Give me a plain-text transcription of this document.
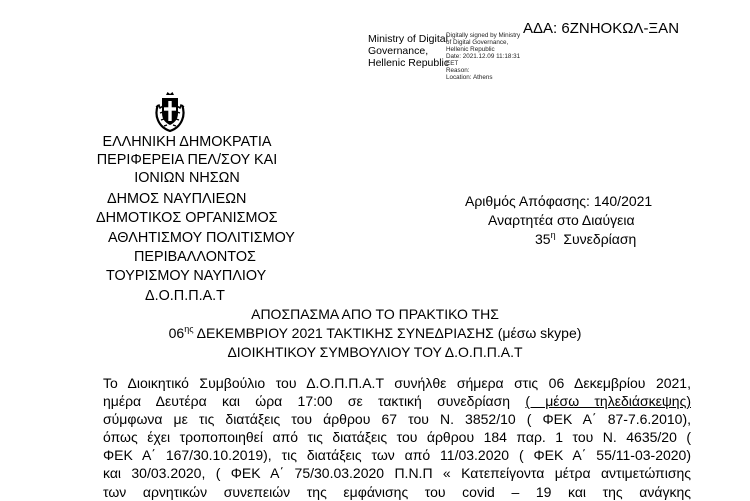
ΑΔΑ: 6ΖΝΗΟΚΩΛ-ΞΑΝ
Ministry of Digital
Governance,
Hellenic Republic
Digitally signed by Ministry
of Digital Governance,
Hellenic Republic
Date: 2021.12.09 11:18:31
EET
Reason:
Location: Athens
ΕΛΛΗΝΙΚΗ ΔΗΜΟΚΡΑΤΙΑ
ΠΕΡΙΦΕΡΕΙΑ ΠΕΛ/ΣΟΥ ΚΑΙ
ΙΟΝΙΩΝ ΝΗΣΩΝ
ΔΗΜΟΣ ΝΑΥΠΛΙΕΩΝ
ΔΗΜΟΤΙΚΟΣ ΟΡΓΑΝΙΣΜΟΣ
ΑΘΛΗΤΙΣΜΟΥ ΠΟΛΙΤΙΣΜΟΥ
ΠΕΡΙΒΑΛΛΟΝΤΟΣ
ΤΟΥΡΙΣΜΟΥ ΝΑΥΠΛΙΟΥ
Δ.Ο.Π.Π.Α.Τ
Αριθμός Απόφασης: 140/2021
Αναρτητέα στο Διαύγεια
$35^\eta$ Συνεδρίαση
ΑΠΟΣΠΑΣΜΑ ΑΠΟ ΤΟ ΠΡΑΚΤΙΚΟ ΤΗΣ
$06^{\eta\varsigma}$ ΔΕΚΕΜΒΡΙΟΥ 2021 ΤΑΚΤΙΚΗΣ ΣΥΝΕΔΡΙΑΣΗΣ (μέσω skype)
ΔΙΟΙΚΗΤΙΚΟΥ ΣΥΜΒΟΥΛΙΟΥ ΤΟΥ Δ.Ο.Π.Π.Α.Τ
Το Διοικητικό Συμβούλιο του Δ.Ο.Π.Π.Α.Τ συνήλθε σήμερα στις 06 Δεκεμβρίου 2021,
ημέρα Δευτέρα και ώρα 17:00 σε τακτική συνεδρίαση ( μέσω τηλεδιάσκεψης)
σύμφωνα με τις διατάξεις του άρθρου 67 του Ν. 3852/10 ( ΦΕΚ Α΄ 87-7.6.2010),
όπως έχει τροποποιηθεί από τις διατάξεις του άρθρου 184 παρ. 1 του Ν. 4635/20 (
ΦΕΚ Α΄ 167/30.10.2019), τις διατάξεις των από 11/03.2020 ( ΦΕΚ Α΄ 55/11-03-2020)
και 30/03.2020, ( ΦΕΚ Α΄ 75/30.03.2020 Π.Ν.Π « Κατεπείγοντα μέτρα αντιμετώπισης
των αρνητικών συνεπειών της εμφάνισης του covid – 19 και της ανάγκης
